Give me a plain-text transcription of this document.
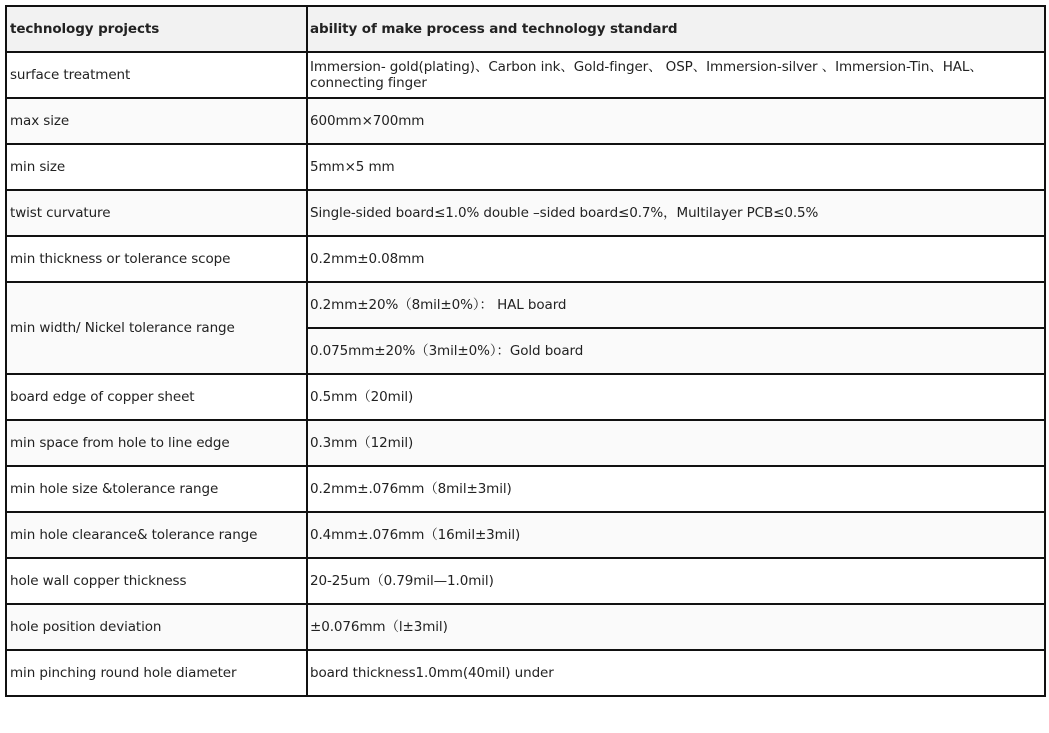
technology projects	ability of make process and technology standard
surface treatment	Immersion- gold(plating)、Carbon ink、Gold-finger、 OSP、Immersion-silver 、Immersion-Tin、HAL、connecting finger
max size	600mm×700mm
min size	5mm×5 mm
twist curvature	Single-sided board≤1.0% double –sided board≤0.7%，Multilayer PCB≤0.5%
min thickness or tolerance scope	0.2mm±0.08mm
min width/ Nickel tolerance range	0.2mm±20%（8mil±0%）： HAL board
	0.075mm±20%（3mil±0%）：Gold board
board edge of copper sheet	0.5mm（20mil)
min space from hole to line edge	0.3mm（12mil)
min hole size &tolerance range	0.2mm±.076mm（8mil±3mil)
min hole clearance& tolerance range	0.4mm±.076mm（16mil±3mil)
hole wall copper thickness	20-25um（0.79mil—1.0mil)
hole position deviation	±0.076mm（l±3mil)
min pinching round hole diameter	board thickness1.0mm(40mil) under
